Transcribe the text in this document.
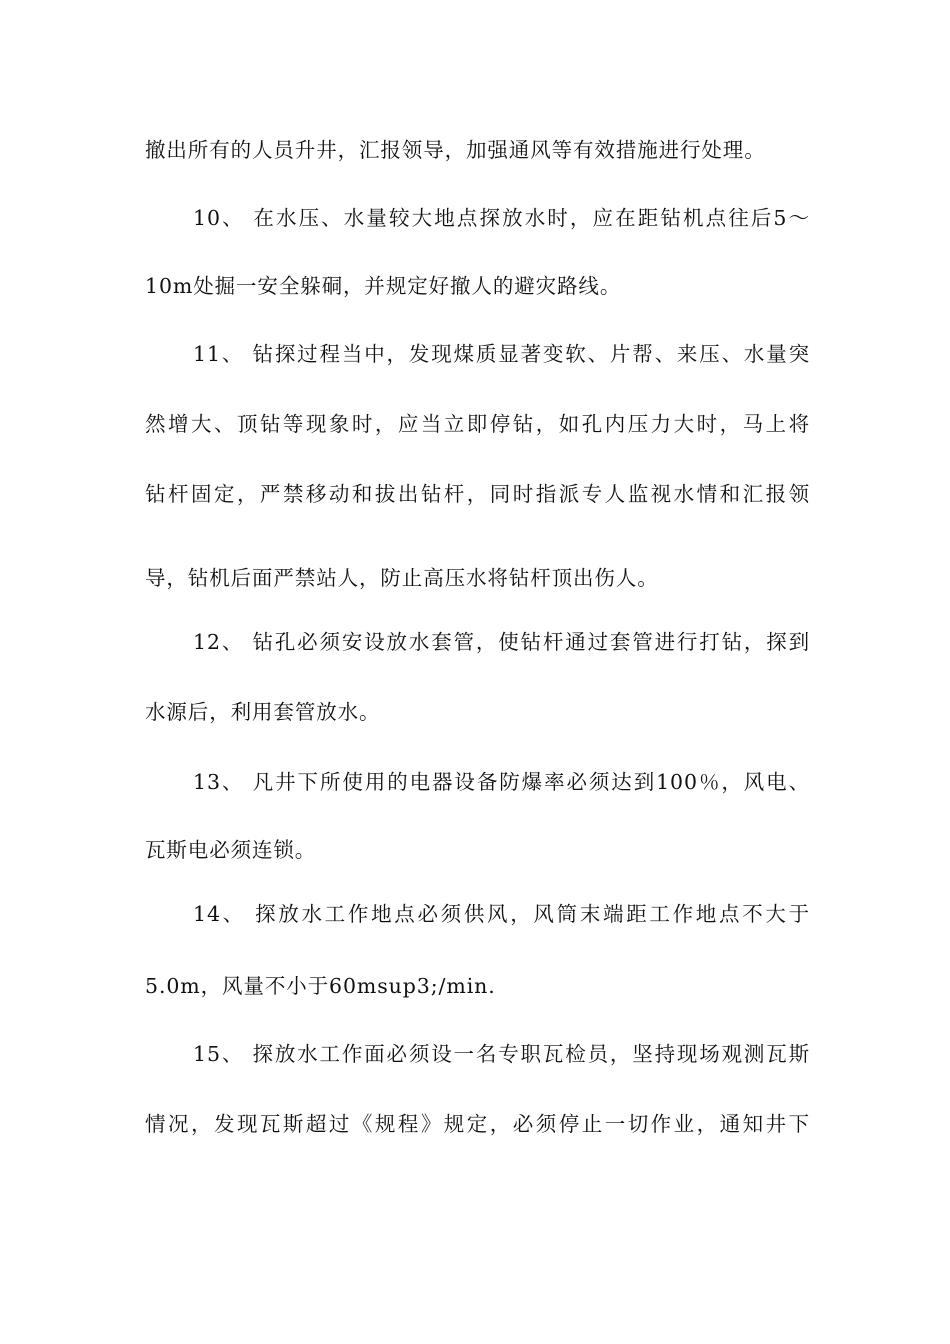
撤出所有的人员升井，汇报领导，加强通风等有效措施进行处理。
10、 在水压、水量较大地点探放水时，应在距钻机点往后5～
10m处掘一安全躲硐，并规定好撤人的避灾路线。
11、 钻探过程当中，发现煤质显著变软、片帮、来压、水量突
然增大、顶钻等现象时，应当立即停钻，如孔内压力大时，马上将
钻杆固定，严禁移动和拔出钻杆，同时指派专人监视水情和汇报领
导，钻机后面严禁站人，防止高压水将钻杆顶出伤人。
12、 钻孔必须安设放水套管，使钻杆通过套管进行打钻，探到
水源后，利用套管放水。
13、 凡井下所使用的电器设备防爆率必须达到100％，风电、
瓦斯电必须连锁。
14、 探放水工作地点必须供风，风筒末端距工作地点不大于
5.0m，风量不小于60msup3;/min.
15、 探放水工作面必须设一名专职瓦检员，坚持现场观测瓦斯
情况，发现瓦斯超过《规程》规定，必须停止一切作业，通知井下
